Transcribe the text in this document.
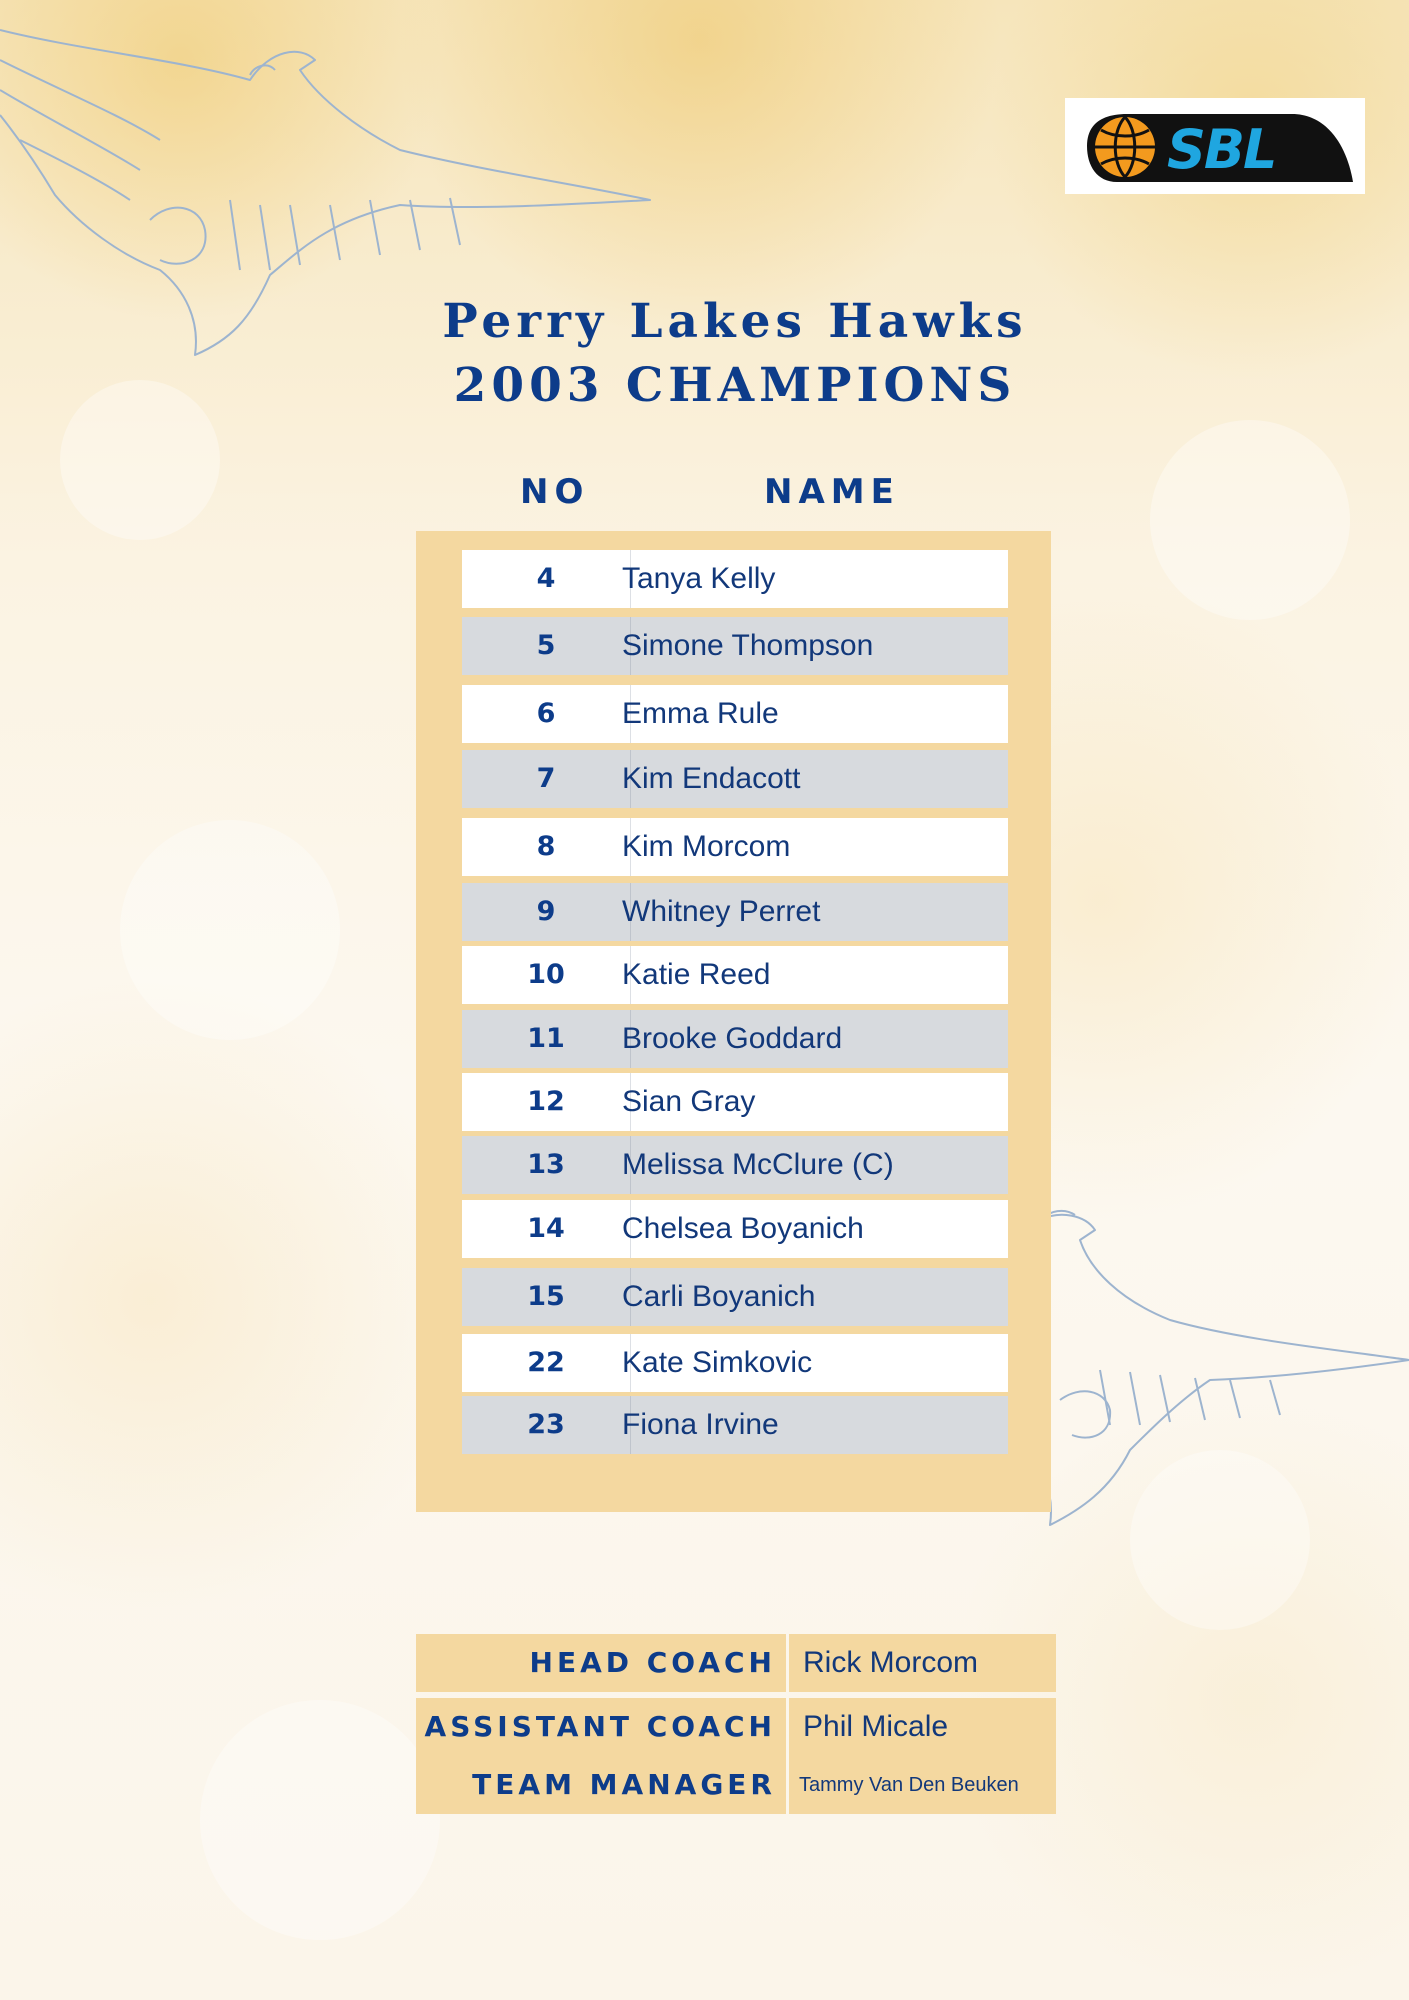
SBL
Perry Lakes Hawks
2003 CHAMPIONS
NO	NAME
4	Tanya Kelly
5	Simone Thompson
6	Emma Rule
7	Kim Endacott
8	Kim Morcom
9	Whitney Perret
10	Katie Reed
11	Brooke Goddard
12	Sian Gray
13	Melissa McClure (C)
14	Chelsea Boyanich
15	Carli Boyanich
22	Kate Simkovic
23	Fiona Irvine
HEAD COACH Rick Morcom
ASSISTANT COACH Phil Micale
TEAM MANAGER	Tammy Van Den Beuken
